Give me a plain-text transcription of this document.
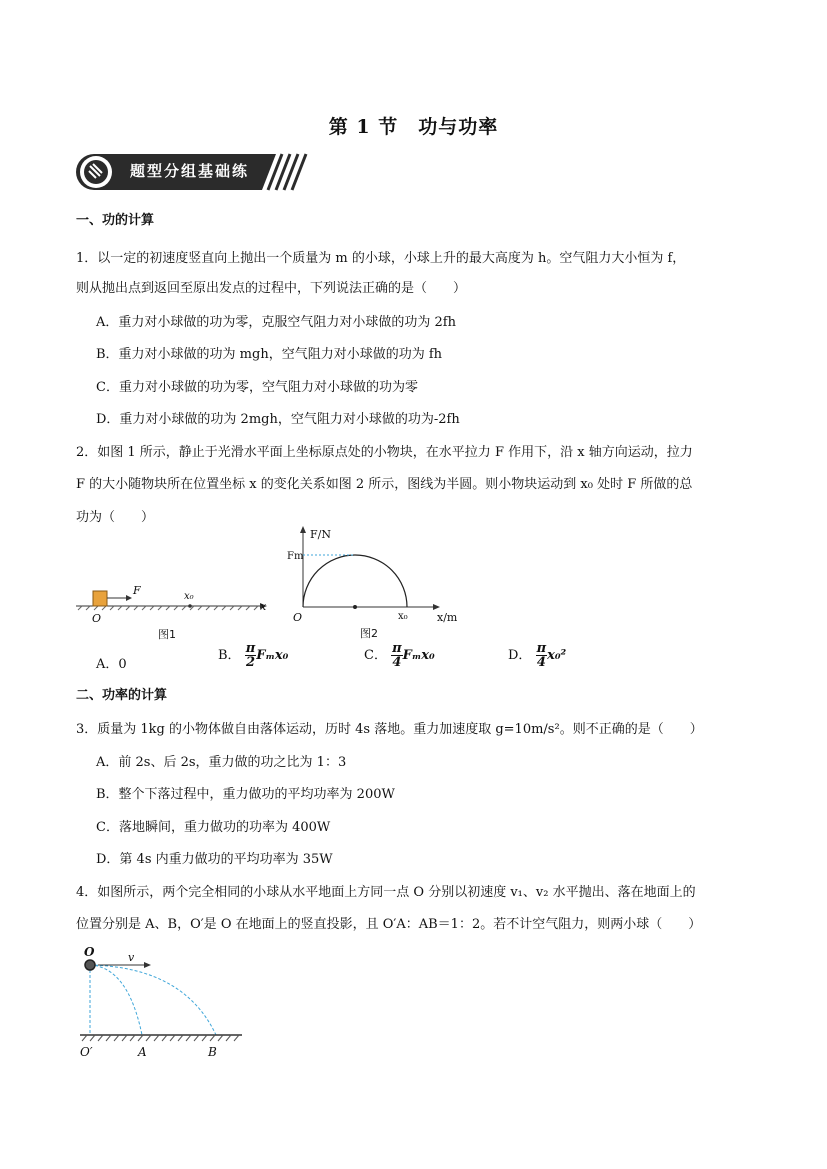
第 1 节　功与功率
题型分组基础练
一、功的计算
1．以一定的初速度竖直向上抛出一个质量为 m 的小球，小球上升的最大高度为 h。空气阻力大小恒为 f，
则从抛出点到返回至原出发点的过程中，下列说法正确的是（　　）
A．重力对小球做的功为零，克服空气阻力对小球做的功为 2fh
B．重力对小球做的功为 mgh，空气阻力对小球做的功为 fh
C．重力对小球做的功为零，空气阻力对小球做的功为零
D．重力对小球做的功为 2mgh，空气阻力对小球做的功为-2fh
2．如图 1 所示，静止于光滑水平面上坐标原点处的小物块，在水平拉力 F 作用下，沿 x 轴方向运动，拉力
F 的大小随物块所在位置坐标 x 的变化关系如图 2 所示，图线为半圆。则小物块运动到 x₀ 处时 F 所做的总
功为（　　）
F	x₀
x
O
图1
F/N
Fm
O	x₀	x/m
图2
A．0
B． $\frac{\pi}{2} F_mx_0$	C． $\frac{\pi}{4} F_mx_0$	D． $\frac{\pi}{4} x_0^2$
二、功率的计算
3．质量为 1kg 的小物体做自由落体运动，历时 4s 落地。重力加速度取 g=10m/s²。则不正确的是（　　）
A．前 2s、后 2s，重力做的功之比为 1：3
B．整个下落过程中，重力做功的平均功率为 200W
C．落地瞬间，重力做功的功率为 400W
D．第 4s 内重力做功的平均功率为 35W
4．如图所示，两个完全相同的小球从水平地面上方同一点 O 分别以初速度 v₁、v₂ 水平抛出、落在地面上的
位置分别是 A、B，O′是 O 在地面上的竖直投影，且 O′A：AB＝1：2。若不计空气阻力，则两小球（　　）
O	v
O′	A	B
